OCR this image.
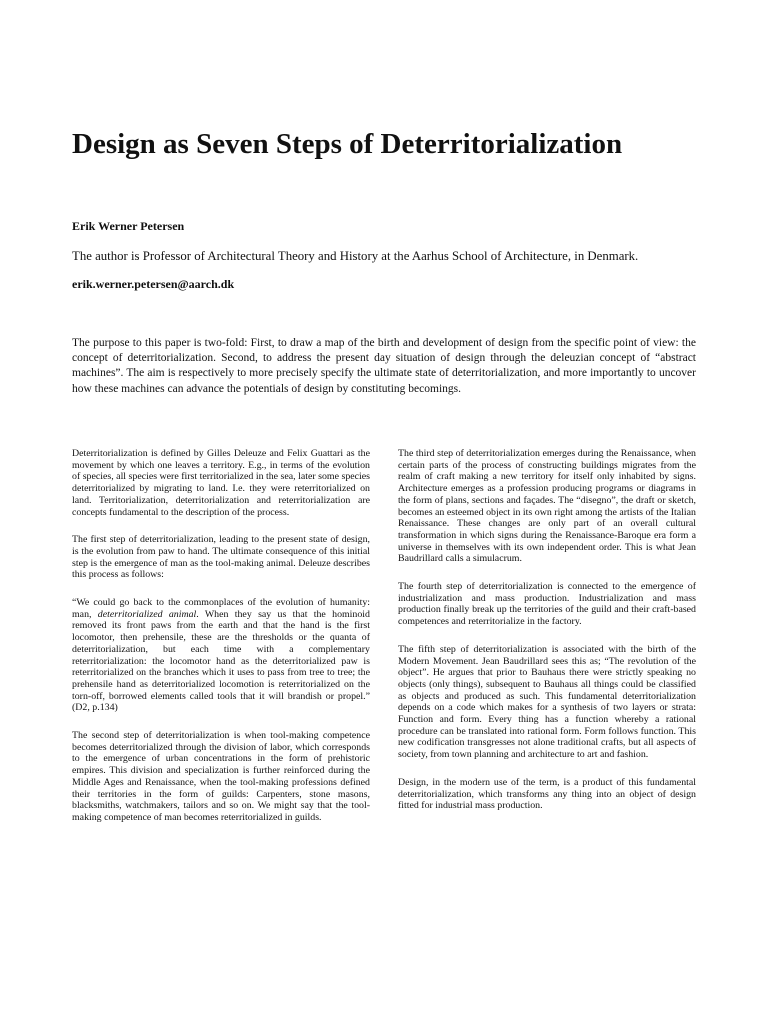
Design as Seven Steps of Deterritorialization
Erik Werner Petersen
The author is Professor of Architectural Theory and History at the Aarhus School of Architecture, in Denmark.
erik.werner.petersen@aarch.dk

The purpose to this paper is two-fold: First, to draw a map of the birth and development of design from the specific point of view: the concept of deterritorialization. Second, to address the present day situation of design through the deleuzian concept of “abstract machines”. The aim is respectively to more precisely specify the ultimate state of deterritorialization, and more importantly to uncover how these machines can advance the potentials of design by constituting becomings.

Deterritorialization is defined by Gilles Deleuze and Felix Guattari as the movement by which one leaves a territory. E.g., in terms of the evolution of species, all species were first territorialized in the sea, later some species deterritorialized by migrating to land. I.e. they were reterritorialized on land. Territorialization, deterritorialization and reterritorialization are concepts fundamental to the description of the process.

The first step of deterritorialization, leading to the present state of design, is the evolution from paw to hand. The ultimate consequence of this initial step is the emergence of man as the tool-making animal. Deleuze describes this process as follows:

“We could go back to the commonplaces of the evolution of humanity: man, deterritorialized animal. When they say us that the hominoid removed its front paws from the earth and that the hand is the first locomotor, then prehensile, these are the thresholds or the quanta of deterritorialization, but each time with a complementary reterritorialization: the locomotor hand as the deterritorialized paw is reterritorialized on the branches which it uses to pass from tree to tree; the prehensile hand as deterritorialized locomotion is reterritorialized on the torn-off, borrowed elements called tools that it will brandish or propel.” (D2, p.134)

The second step of deterritorialization is when tool-making competence becomes deterritorialized through the division of labor, which corresponds to the emergence of urban concentrations in the form of prehistoric empires. This division and specialization is further reinforced during the Middle Ages and Renaissance, when the tool-making professions defined their territories in the form of guilds: Carpenters, stone masons, blacksmiths, watchmakers, tailors and so on. We might say that the tool-making competence of man becomes reterritorialized in guilds.

The third step of deterritorialization emerges during the Renaissance, when certain parts of the process of constructing buildings migrates from the realm of craft making a new territory for itself only inhabited by signs. Architecture emerges as a profession producing programs or diagrams in the form of plans, sections and façades. The “disegno”, the draft or sketch, becomes an esteemed object in its own right among the artists of the Italian Renaissance. These changes are only part of an overall cultural transformation in which signs during the Renaissance-Baroque era form a universe in themselves with its own independent order. This is what Jean Baudrillard calls a simulacrum.

The fourth step of deterritorialization is connected to the emergence of industrialization and mass production. Industrialization and mass production finally break up the territories of the guild and their craft-based competences and reterritorialize in the factory.

The fifth step of deterritorialization is associated with the birth of the Modern Movement. Jean Baudrillard sees this as; “The revolution of the object”. He argues that prior to Bauhaus there were strictly speaking no objects (only things), subsequent to Bauhaus all things could be classified as objects and produced as such. This fundamental deterritorialization depends on a code which makes for a synthesis of two layers or strata: Function and form. Every thing has a function whereby a rational procedure can be translated into rational form. Form follows function. This new codification transgresses not alone traditional crafts, but all aspects of society, from town planning and architecture to art and fashion.

Design, in the modern use of the term, is a product of this fundamental deterritorialization, which transforms any thing into an object of design fitted for industrial mass production.
